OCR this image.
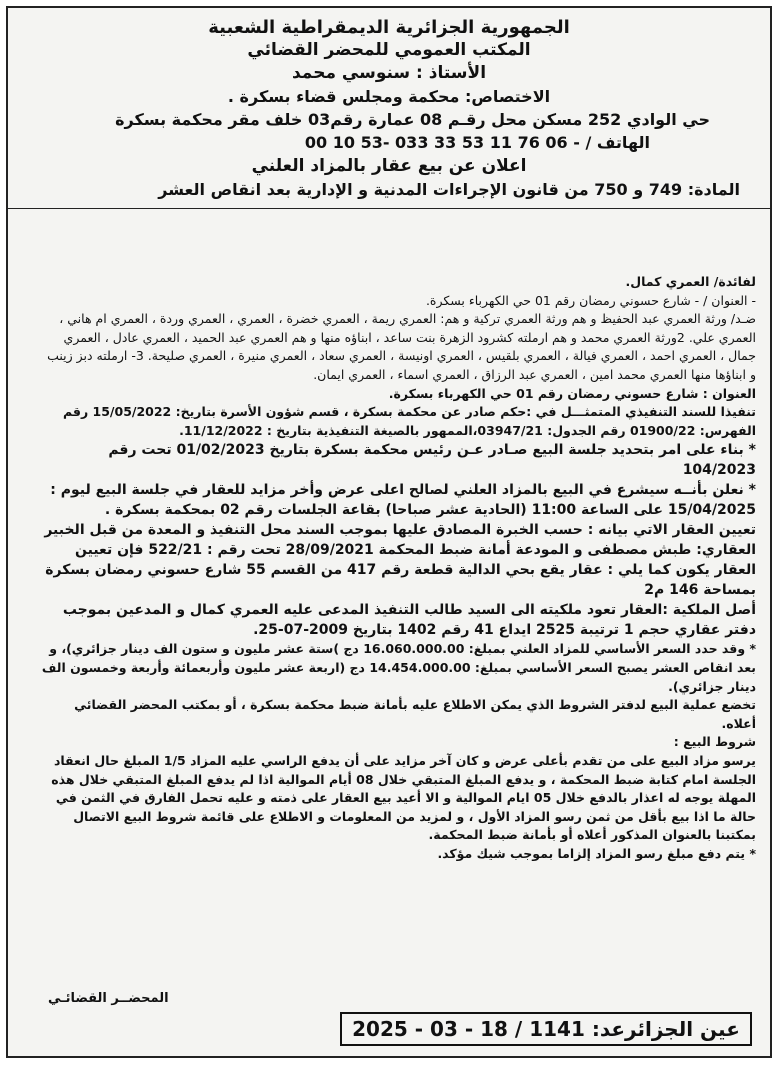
الجمهورية الجزائرية الديمقراطية الشعبية
المكتب العمومي للمحضر القضائي
الأستاذ : سنوسي محمد
الاختصاص: محكمة ومجلس قضاء بسكرة .
حي الوادي 252 مسكن محل رقـم 08 عمارة رقم03 خلف مقر محكمة بسكرة
الهاتف / - 06 76 11 53 33 033 -53 10 00
اعلان عن بيع عقار بالمزاد العلني
المادة: 749 و 750 من قانون الإجراءات المدنية و الإدارية بعد انقاص العشر

لفائدة/ العمري كمال.

- العنوان / - شارع حسوني رمضان رقم 01 حي الكهرباء بسكرة.

ضـد/ ورثة العمري عبد الحفيظ و هم ورثة العمري تركية و هم: العمري ريمة ، العمري خضرة ، العمري ، العمري وردة ، العمري ام هاني ، العمري علي. 2ورثة العمري محمد و هم ارملته كشرود الزهرة بنت ساعد ، ابناؤه منها و هم العمري عبد الحميد ، العمري عادل ، العمري جمال ، العمري احمد ، العمري فيالة ، العمري بلقيس ، العمري اونيسة ، العمري سعاد ، العمري منيرة ، العمري صليحة. 3- ارملته دبز زينب و ابناؤها منها العمري محمد امين ، العمري عبد الرزاق ، العمري اسماء ، العمري ايمان.

العنوان : شارع حسوني رمضان رقم 01 حي الكهرباء بسكرة.

تنفيذا للسند التنفيذي المتمثـــل في :حكم صادر عن محكمة بسكرة ، قسم شؤون الأسرة بتاريخ: 15/05/2022 رقم الفهرس: 01900/22 رقم الجدول: 03947/21،الممهور بالصيغة التنفيذية بتاريخ : 11/12/2022.

* بناء على امر بتحديد جلسة البيع صـادر عـن رئيس محكمة بسكرة بتاريخ 01/02/2023 تحت رقم 104/2023

* نعلن بأنــه سيشرع في البيع بالمزاد العلني لصالح اعلى عرض وأخر مزايد للعقار في جلسة البيع ليوم : 15/04/2025 على الساعة 11:00 (الحادية عشر صباحا) بقاعة الجلسات رقم 02 بمحكمة بسكرة .

تعيين العقار الاتي بيانه : حسب الخبرة المصادق عليها بموجب السند محل التنفيذ و المعدة من قبل الخبير العقاري: طبش مصطفى و المودعة أمانة ضبط المحكمة 28/09/2021 تحت رقم : 522/21 فإن تعيين العقار يكون كما يلي : عقار يقع بحي الدالية قطعة رقم 417 من القسم 55 شارع حسوني رمضان بسكرة بمساحة 146 م2

أصل الملكية :العقار تعود ملكيته الى السيد طالب التنفيذ المدعى عليه العمري كمال و المدعين بموجب دفتر عقاري حجم 1 ترتيبة 2525 ايداع 41 رقم 1402 بتاريخ 2009-07-25.

* وقد حدد السعر الأساسي للمزاد العلني بمبلغ: 16.060.000.00 دج )ستة عشر مليون و ستون الف دينار جزائري)، و بعد انقاص العشر يصبح السعر الأساسي بمبلغ: 14.454.000.00 دج (اربعة عشر مليون وأربعمائة وأربعة وخمسون الف دينار جزائري).

تخضع عملية البيع لدفتر الشروط الذي يمكن الاطلاع عليه بأمانة ضبط محكمة بسكرة ، أو بمكتب المحضر القضائي أعلاه.

شروط البيع :

يرسو مزاد البيع على من تقدم بأعلى عرض و كان آخر مزايد على أن يدفع الراسي عليه المزاد 1/5 المبلغ حال انعقاد الجلسة امام كتابة ضبط المحكمة ، و يدفع المبلغ المتبقي خلال 08 أيام الموالية اذا لم يدفع المبلغ المتبقي خلال هذه المهلة يوجه له اعذار بالدفع خلال 05 ايام الموالية و الا أعيد بيع العقار على ذمته و عليه تحمل الفارق في الثمن في حالة ما اذا بيع بأقل من ثمن رسو المزاد الأول ، و لمزيد من المعلومات و الاطلاع على قائمة شروط البيع الاتصال بمكتبنا بالعنوان المذكور أعلاه أو بأمانة ضبط المحكمة.

* يتم دفع مبلغ رسو المزاد إلزاما بموجب شيك مؤكد.

المحضــر القضائـي
عين الجزائرعد: 1141 / 18 - 03 - 2025
